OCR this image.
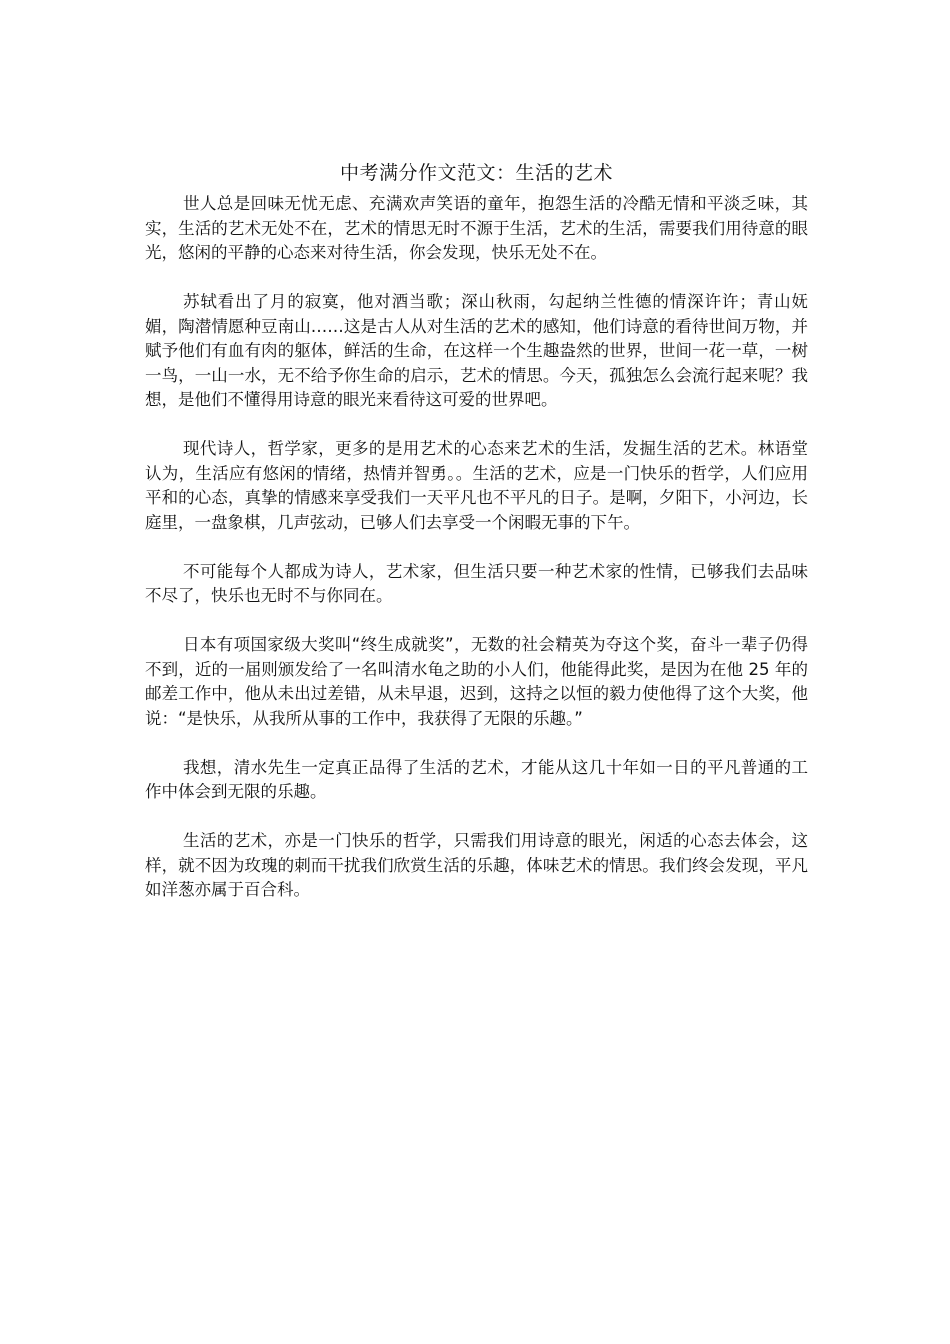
中考满分作文范文：生活的艺术

世人总是回味无忧无虑、充满欢声笑语的童年，抱怨生活的冷酷无情和平淡乏味，其实，生活的艺术无处不在，艺术的情思无时不源于生活，艺术的生活，需要我们用待意的眼光，悠闲的平静的心态来对待生活，你会发现，快乐无处不在。

苏轼看出了月的寂寞，他对酒当歌；深山秋雨，勾起纳兰性德的情深许许；青山妩媚，陶潜情愿种豆南山……这是古人从对生活的艺术的感知，他们诗意的看待世间万物，并赋予他们有血有肉的躯体，鲜活的生命，在这样一个生趣盎然的世界，世间一花一草，一树一鸟，一山一水，无不给予你生命的启示，艺术的情思。今天，孤独怎么会流行起来呢？我想，是他们不懂得用诗意的眼光来看待这可爱的世界吧。

现代诗人，哲学家，更多的是用艺术的心态来艺术的生活，发掘生活的艺术。林语堂认为，生活应有悠闲的情绪，热情并智勇。。生活的艺术，应是一门快乐的哲学，人们应用平和的心态，真挚的情感来享受我们一天平凡也不平凡的日子。是啊，夕阳下，小河边，长庭里，一盘象棋，几声弦动，已够人们去享受一个闲暇无事的下午。

不可能每个人都成为诗人，艺术家，但生活只要一种艺术家的性情，已够我们去品味不尽了，快乐也无时不与你同在。

日本有项国家级大奖叫“终生成就奖”，无数的社会精英为夺这个奖，奋斗一辈子仍得不到，近的一届则颁发给了一名叫清水龟之助的小人们，他能得此奖，是因为在他 25 年的邮差工作中，他从未出过差错，从未早退，迟到，这持之以恒的毅力使他得了这个大奖，他说：“是快乐，从我所从事的工作中，我获得了无限的乐趣。”

我想，清水先生一定真正品得了生活的艺术，才能从这几十年如一日的平凡普通的工作中体会到无限的乐趣。

生活的艺术，亦是一门快乐的哲学，只需我们用诗意的眼光，闲适的心态去体会，这样，就不因为玫瑰的刺而干扰我们欣赏生活的乐趣，体味艺术的情思。我们终会发现，平凡如洋葱亦属于百合科。
